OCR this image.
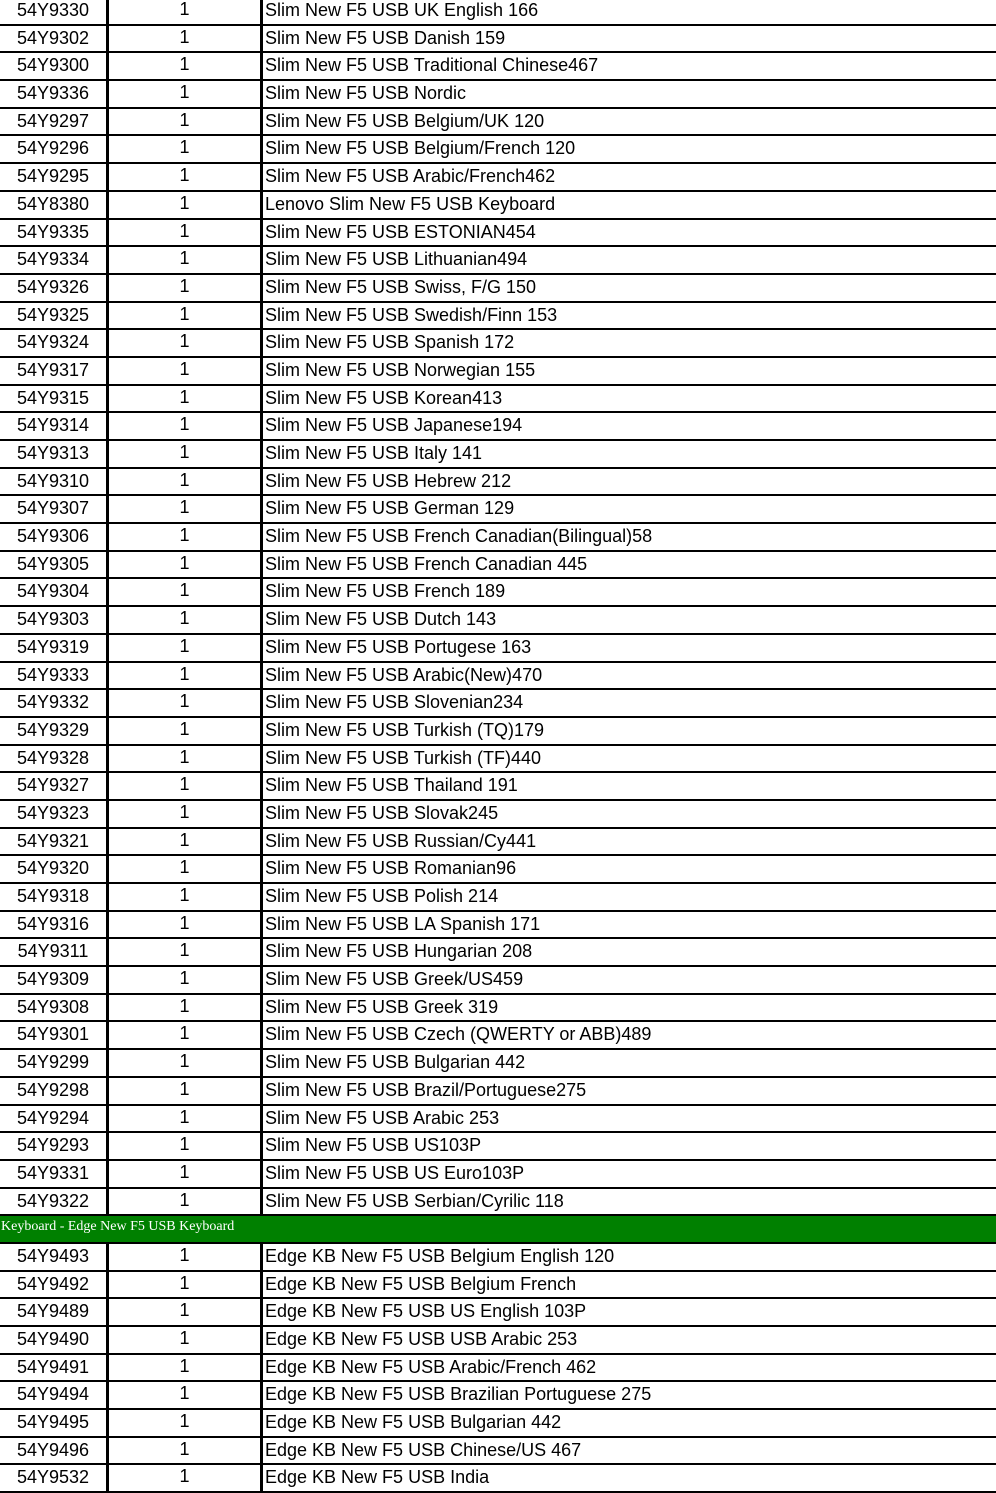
54Y9330	1	Slim New F5 USB UK English 166
54Y9302	1	Slim New F5 USB Danish 159
54Y9300	1	Slim New F5 USB Traditional Chinese467
54Y9336	1	Slim New F5 USB Nordic
54Y9297	1	Slim New F5 USB Belgium/UK 120
54Y9296	1	Slim New F5 USB Belgium/French 120
54Y9295	1	Slim New F5 USB Arabic/French462
54Y8380	1	Lenovo Slim New F5 USB Keyboard
54Y9335	1	Slim New F5 USB ESTONIAN454
54Y9334	1	Slim New F5 USB Lithuanian494
54Y9326	1	Slim New F5 USB Swiss, F/G 150
54Y9325	1	Slim New F5 USB Swedish/Finn 153
54Y9324	1	Slim New F5 USB Spanish 172
54Y9317	1	Slim New F5 USB Norwegian 155
54Y9315	1	Slim New F5 USB Korean413
54Y9314	1	Slim New F5 USB Japanese194
54Y9313	1	Slim New F5 USB Italy 141
54Y9310	1	Slim New F5 USB Hebrew 212
54Y9307	1	Slim New F5 USB German 129
54Y9306	1	Slim New F5 USB French Canadian(Bilingual)58
54Y9305	1	Slim New F5 USB French Canadian 445
54Y9304	1	Slim New F5 USB French 189
54Y9303	1	Slim New F5 USB Dutch 143
54Y9319	1	Slim New F5 USB Portugese 163
54Y9333	1	Slim New F5 USB Arabic(New)470
54Y9332	1	Slim New F5 USB Slovenian234
54Y9329	1	Slim New F5 USB Turkish (TQ)179
54Y9328	1	Slim New F5 USB Turkish (TF)440
54Y9327	1	Slim New F5 USB Thailand 191
54Y9323	1	Slim New F5 USB Slovak245
54Y9321	1	Slim New F5 USB Russian/Cy441
54Y9320	1	Slim New F5 USB Romanian96
54Y9318	1	Slim New F5 USB Polish 214
54Y9316	1	Slim New F5 USB LA Spanish 171
54Y9311	1	Slim New F5 USB Hungarian 208
54Y9309	1	Slim New F5 USB Greek/US459
54Y9308	1	Slim New F5 USB Greek 319
54Y9301	1	Slim New F5 USB Czech (QWERTY or ABB)489
54Y9299	1	Slim New F5 USB Bulgarian 442
54Y9298	1	Slim New F5 USB Brazil/Portuguese275
54Y9294	1	Slim New F5 USB Arabic 253
54Y9293	1	Slim New F5 USB US103P
54Y9331	1	Slim New F5 USB US Euro103P
54Y9322	1	Slim New F5 USB Serbian/Cyrilic 118
Keyboard - Edge New F5 USB Keyboard
54Y9493	1	Edge KB New F5 USB Belgium English 120
54Y9492	1	Edge KB New F5 USB Belgium French
54Y9489	1	Edge KB New F5 USB US English 103P
54Y9490	1	Edge KB New F5 USB USB Arabic 253
54Y9491	1	Edge KB New F5 USB Arabic/French 462
54Y9494	1	Edge KB New F5 USB Brazilian Portuguese 275
54Y9495	1	Edge KB New F5 USB Bulgarian 442
54Y9496	1	Edge KB New F5 USB Chinese/US 467
54Y9532	1	Edge KB New F5 USB India
